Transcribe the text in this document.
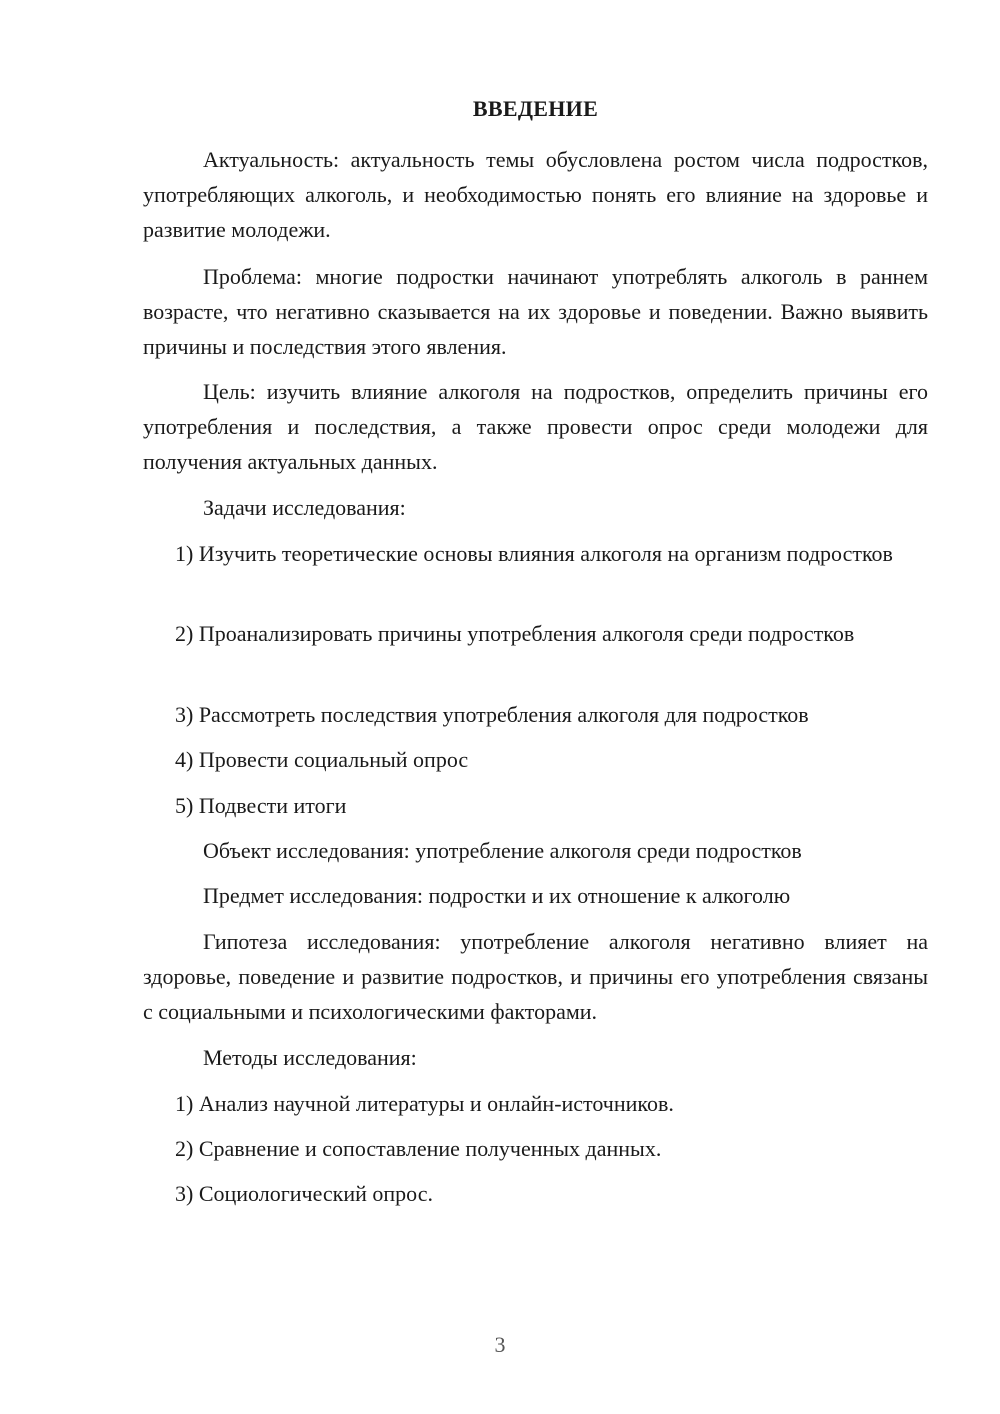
ВВЕДЕНИЕ

Актуальность: актуальность темы обусловлена ростом числа подростков, употребляющих алкоголь, и необходимостью понять его влияние на здоровье и развитие молодежи.

Проблема: многие подростки начинают употреблять алкоголь в раннем возрасте, что негативно сказывается на их здоровье и поведении. Важно выявить причины и последствия этого явления.

Цель: изучить влияние алкоголя на подростков, определить причины его употребления и последствия, а также провести опрос среди молодежи для получения актуальных данных.

Задачи исследования:

1) Изучить теоретические основы влияния алкоголя на организм подростков

2) Проанализировать причины употребления алкоголя среди подростков

3) Рассмотреть последствия употребления алкоголя для подростков

4) Провести социальный опрос

5) Подвести итоги

Объект исследования: употребление алкоголя среди подростков

Предмет исследования: подростки и их отношение к алкоголю

Гипотеза исследования: употребление алкоголя негативно влияет на здоровье, поведение и развитие подростков, и причины его употребления связаны с социальными и психологическими факторами.

Методы исследования:

1) Анализ научной литературы и онлайн-источников.

2) Сравнение и сопоставление полученных данных.

3) Социологический опрос.

3
